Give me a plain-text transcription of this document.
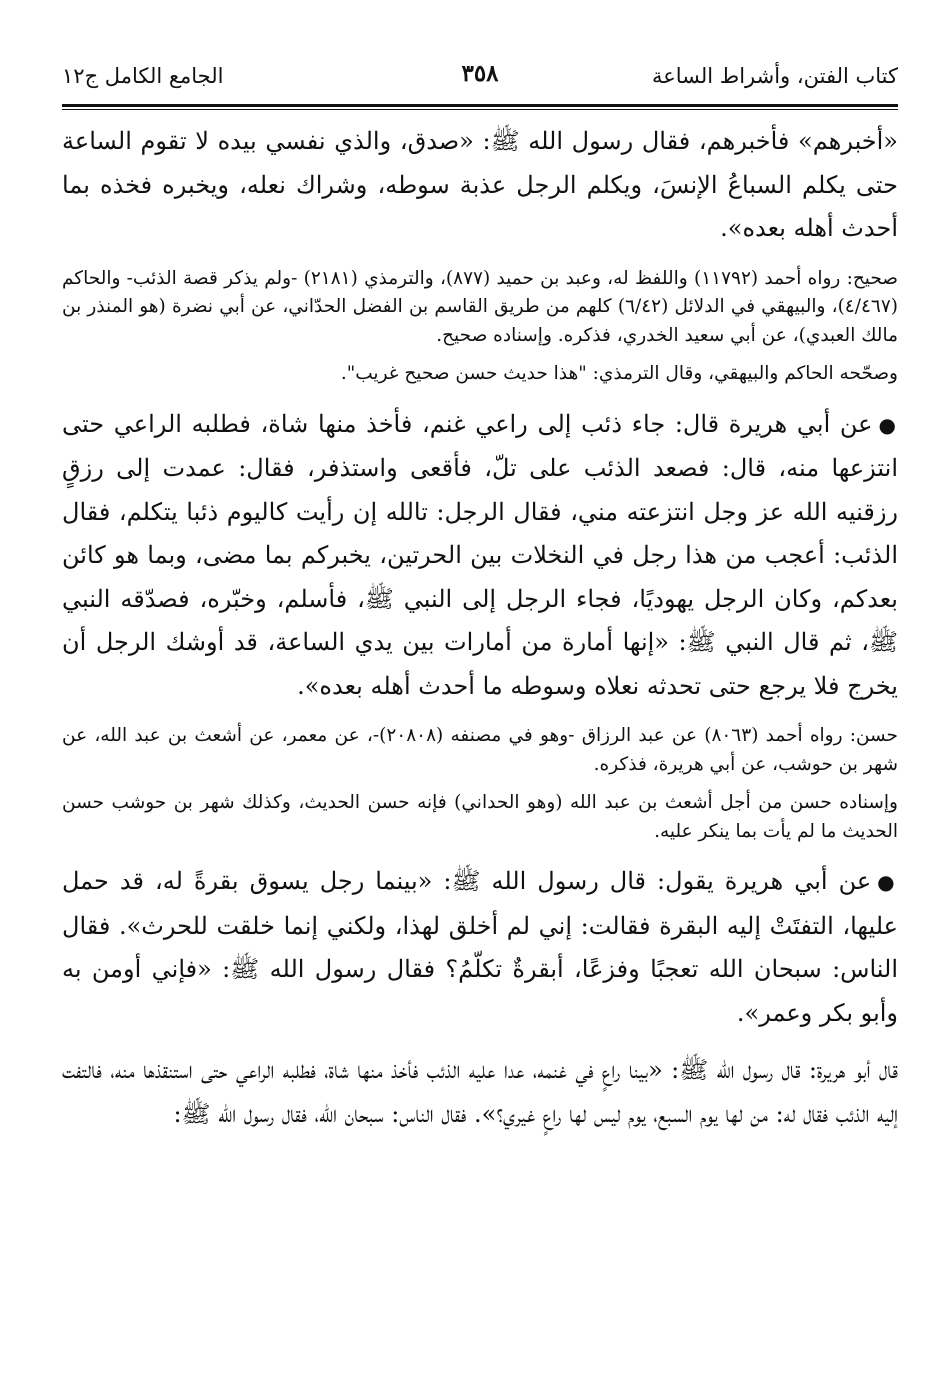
كتاب الفتن، وأشراط الساعة
٣٥٨
الجامع الكامل ج١٢

«أخبرهم» فأخبرهم، فقال رسول الله ﷺ: «صدق، والذي نفسي بيده لا تقوم الساعة حتى يكلم السباعُ الإنسَ، ويكلم الرجل عذبة سوطه، وشراك نعله، ويخبره فخذه بما أحدث أهله بعده».

صحيح: رواه أحمد (١١٧٩٢) واللفظ له، وعبد بن حميد (٨٧٧)، والترمذي (٢١٨١) -ولم يذكر قصة الذئب- والحاكم (٤/٤٦٧)، والبيهقي في الدلائل (٦/٤٢) كلهم من طريق القاسم بن الفضل الحدّاني، عن أبي نضرة (هو المنذر بن مالك العبدي)، عن أبي سعيد الخدري، فذكره. وإسناده صحيح.

وصحّحه الحاكم والبيهقي، وقال الترمذي: "هذا حديث حسن صحيح غريب".

●عن أبي هريرة قال: جاء ذئب إلى راعي غنم، فأخذ منها شاة، فطلبه الراعي حتى انتزعها منه، قال: فصعد الذئب على تلّ، فأقعى واستذفر، فقال: عمدت إلى رزقٍ رزقنيه الله عز وجل انتزعته مني، فقال الرجل: تالله إن رأيت كاليوم ذئبا يتكلم، فقال الذئب: أعجب من هذا رجل في النخلات بين الحرتين، يخبركم بما مضى، وبما هو كائن بعدكم، وكان الرجل يهوديًا، فجاء الرجل إلى النبي ﷺ، فأسلم، وخبّره، فصدّقه النبي ﷺ، ثم قال النبي ﷺ: «إنها أمارة من أمارات بين يدي الساعة، قد أوشك الرجل أن يخرج فلا يرجع حتى تحدثه نعلاه وسوطه ما أحدث أهله بعده».

حسن: رواه أحمد (٨٠٦٣) عن عبد الرزاق -وهو في مصنفه (٢٠٨٠٨)-، عن معمر، عن أشعث بن عبد الله، عن شهر بن حوشب، عن أبي هريرة، فذكره.

وإسناده حسن من أجل أشعث بن عبد الله (وهو الحداني) فإنه حسن الحديث، وكذلك شهر بن حوشب حسن الحديث ما لم يأت بما ينكر عليه.

●عن أبي هريرة يقول: قال رسول الله ﷺ: «بينما رجل يسوق بقرةً له، قد حمل عليها، التفتَتْ إليه البقرة فقالت: إني لم أخلق لهذا، ولكني إنما خلقت للحرث». فقال الناس: سبحان الله تعجبًا وفزعًا، أبقرةٌ تكلّمُ؟ فقال رسول الله ﷺ: «فإني أومن به وأبو بكر وعمر».

قال أبو هريرة: قال رسول الله ﷺ: «بينا راعٍ في غنمه، عدا عليه الذئب فأخذ منها شاة، فطلبه الراعي حتى استنقذها منه، فالتفت إليه الذئب فقال له: من لها يوم السبع، يوم ليس لها راعٍ غيري؟». فقال الناس: سبحان الله، فقال رسول الله ﷺ:
